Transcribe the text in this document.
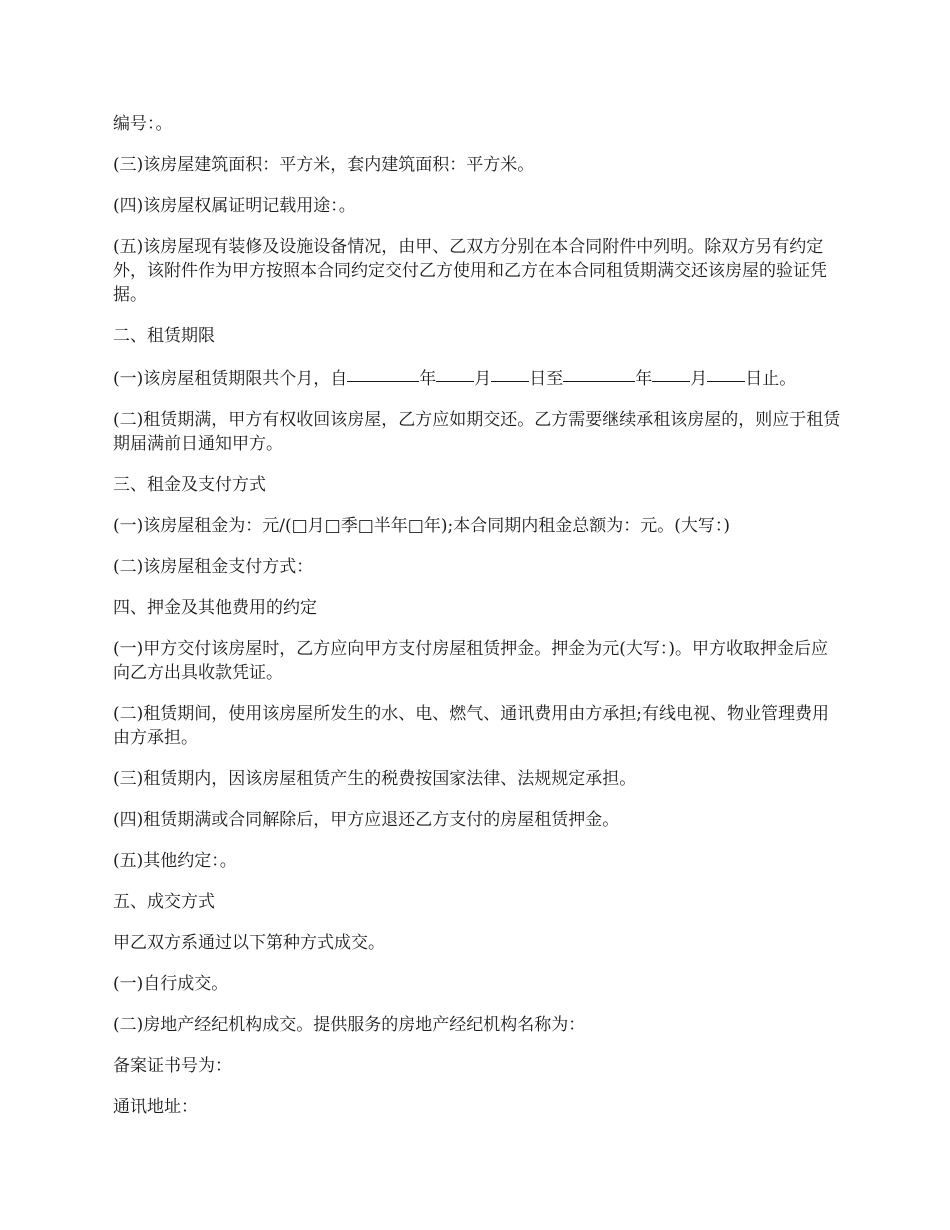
编号：。

(三)该房屋建筑面积：平方米，套内建筑面积：平方米。

(四)该房屋权属证明记载用途：。

(五)该房屋现有装修及设施设备情况，由甲、乙双方分别在本合同附件中列明。除双方另有约定外，该附件作为甲方按照本合同约定交付乙方使用和乙方在本合同租赁期满交还该房屋的验证凭据。

二、租赁期限

(一)该房屋租赁期限共个月，自	年 月 日至	年 月 日止。

(二)租赁期满，甲方有权收回该房屋，乙方应如期交还。乙方需要继续承租该房屋的，则应于租赁期届满前日通知甲方。

三、租金及支付方式

(一)该房屋租金为：元/(□月□季□半年□年);本合同期内租金总额为：元。(大写：)

(二)该房屋租金支付方式：

四、押金及其他费用的约定

(一)甲方交付该房屋时，乙方应向甲方支付房屋租赁押金。押金为元(大写：)。甲方收取押金后应向乙方出具收款凭证。

(二)租赁期间，使用该房屋所发生的水、电、燃气、通讯费用由方承担;有线电视、物业管理费用由方承担。

(三)租赁期内，因该房屋租赁产生的税费按国家法律、法规规定承担。

(四)租赁期满或合同解除后，甲方应退还乙方支付的房屋租赁押金。

(五)其他约定：。

五、成交方式

甲乙双方系通过以下第种方式成交。

(一)自行成交。

(二)房地产经纪机构成交。提供服务的房地产经纪机构名称为：

备案证书号为：

通讯地址：
